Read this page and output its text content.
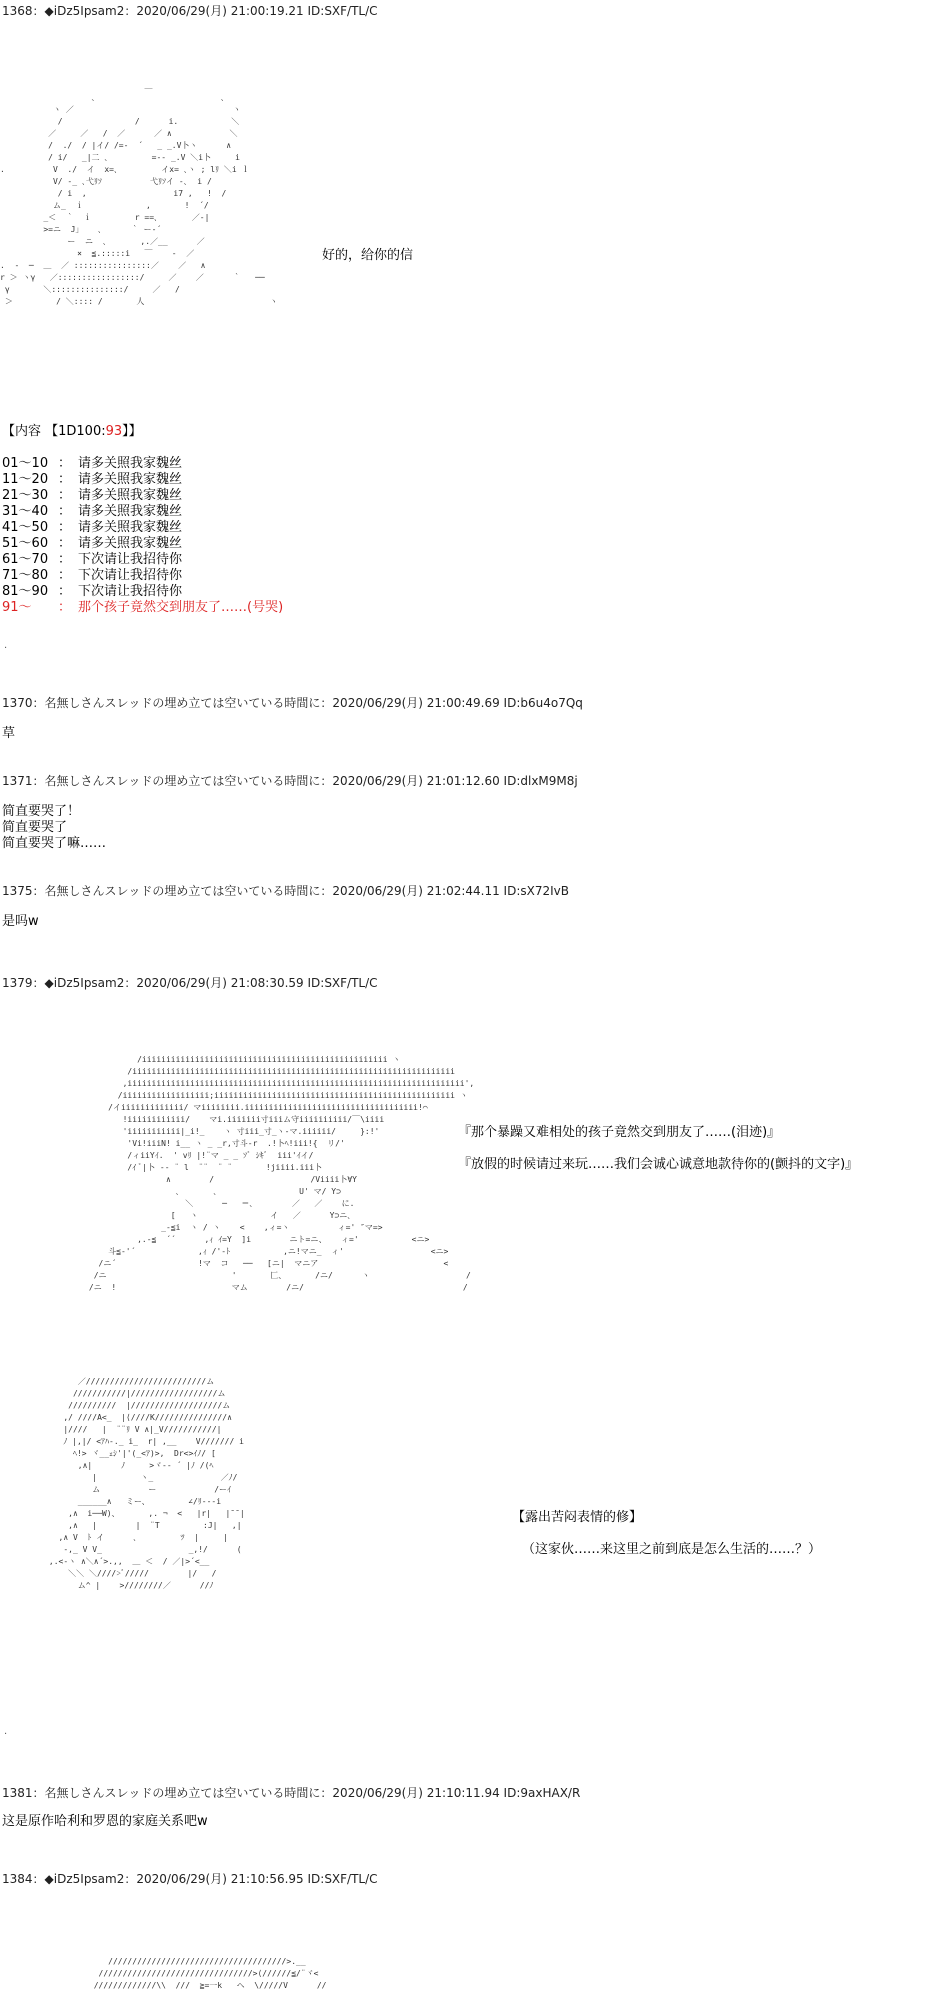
1368：◆iDz5Ipsam2：2020/06/29(月) 21:00:19.21 ID:SXF/TL/C
＿
､                          ､
ヽ ／                                 ヽ
/               /      i.           ＼
／     ／   /  ／      ／ ∧            ＼
/  ./  / |イ/ /=-  ´   _ _.V卜ヽ      ∧
/ i/   _|二 ､         =-‐ _.V ＼i卜     i
.          V  ./  イ  x=､         イx= ､ヽ ; lﾘ ＼i ｌ
V/ -_ ､弋ﾘｿ          弋ﾘｿイ -､  i /
/ i  ,                  i7 ,   !  /
ム_  ｉ             ,       !  ´/
_＜  ｀  ｉ         r ==､       ／-|
>=ニ  J」   ､      ｀ ー‐´
ー  ニ  ､       ,.／__      ／
×  ≦.:::::i   ￣    ‐  ／
.  ‐  ─  ＿  ／ ::::::::::::::::／    ／   ∧
r ＞ ヽγ   ／:::::::::::::::::/     ／    ／      ｀   ──
γ       ＼:::::::::::::::/     ／   /
＞         / ＼:::: /       人                          ヽ
好的，给你的信
【内容 【1D100:93】】
01～10 ： 请多关照我家魏丝
11～20 ： 请多关照我家魏丝
21～30 ： 请多关照我家魏丝
31～40 ： 请多关照我家魏丝
41～50 ： 请多关照我家魏丝
51～60 ： 请多关照我家魏丝
61～70 ： 下次请让我招待你
71～80 ： 下次请让我招待你
81～90 ： 下次请让我招待你
91～ ： 那个孩子竟然交到朋友了……(号哭)
.
1370：名無しさんスレッドの埋め立ては空いている時間に：2020/06/29(月) 21:00:49.69 ID:b6u4o7Qq
草
1371：名無しさんスレッドの埋め立ては空いている時間に：2020/06/29(月) 21:01:12.60 ID:dlxM9M8j
简直要哭了！
简直要哭了
简直要哭了嘛……
1375：名無しさんスレッドの埋め立ては空いている時間に：2020/06/29(月) 21:02:44.11 ID:sX72IvB
是吗w
1379：◆iDz5Ipsam2：2020/06/29(月) 21:08:30.59 ID:SXF/TL/C
/iiiiiiiiiiiiiiiiiiiiiiiiiiiiiiiiiiiiiiiiiiiiiiiiiii ヽ
/iiiiiiiiiiiiiiiiiiiiiiiiiiiiiiiiiiiiiiiiiiiiiiiiiiiiiiiiiiiiiiiiiii
,iiiiiiiiiiiiiiiiiiiiiiiiiiiiiiiiiiiiiiiiiiiiiiiiiiiiiiiiiiiiiiiiiiiiii',
/iiiiiiiiiiiiiiiiii;iiiiiiiiiiiiiiiiiiiiiiiiiiiiiiiiiiiiiiiiiiiiiiiiii ヽ
/イiiiiiiiiiiiii/ マiiiiiiii.iiiiiiiiiiiiiiiiiiiiiiiiiiiiiiiiiiii!⌒
!iiiiiiiiiiii/    マi.iiiiiii寸iiiム守iiiiiiiiii/￣\iiii
'iiiiiiiiiii|_i!_    ヽ 寸iii_寸_ヽ-マ.iiiiii/     }:!'
'Vi!iiiN! i__ ヽ _ _r,寸斗-r  .!卜ﾍ!iii!{  リ/'
/ィiiYｲ.  ' vﾘ |!¨マ _ _ ｿﾞ ｼｷﾞ  iii'ｲイ/
/ｲ ﾞ|卜 ‐‐ ¨ l  ¨¨  ¨ ¨       !jiiii.iii卜
∧        /                    /Viiii卜∀Y
､       ､                 U' マ/ Y⊃
＼      ─   ＝､        ／   ／    に.
[   ヽ               イ   ／      Y⊃ニ､
_-≦i  ヽ / ヽ    <    ,ィ=ヽ          ィ=' ″マ=>
,.-≦  ´´      ,ｨ ｲ=Y  ]i        ニト=ニ、   ィ='           <ニ>
斗≦-'´             ,ｨ /'-ﾄ           ,ニ!マニ_  ィ'                  <ニ>
/ニ´                 !マ  コ   ──   [ニ|  マニア                          <
/ニ                          '       匚、      /ニ/      ヽ                    /
/ニ  !                        マム        /ニ/                                 /
『那个暴躁又难相处的孩子竟然交到朋友了……(泪迹)』
『放假的时候请过来玩……我们会诚心诚意地款待你的(颤抖的文字)』
／/////////////////////////ム
///////////|//////////////////ム
//////////  |///////////////////ム
,/ ////A<_  |⟨////K///////////////∧
|////   |  ¨¨ﾘ V ∧|_V///////////|
ﾉ |,|/ <ｱﾊ-._ i_  r| ,__    V/////// i
ﾍ!> ヾ__ｪｼ'|'(_<ｱ)>,  Dr<>ｲﾉ/ [
,∧|      ﾉ     >ヾ-- ´ |ﾉ /(ﾍ
|         ヽ_              ／ﾉ/
ム          ー            /ーｲ
______∧   ミー、        ∠/ﾘ-‐-i
,∧  i──W)、      ,. ¬  <   |r|   |¯¯|
,∧   |        |  ¨T         :J|   ,|
,∧ V  ﾄ イ      ､         ﾂ  |     |
-,_ V V_                  _,!/      (
,.<‐ヽ ∧＼∧´>.,,  ＿ ＜  / ／|>´<__
＼＼ ＼////>ﾞ/////        |/   /
ム^ |    >////////／      //ﾉ
【露出苦闷表情的修】
（这家伙……来这里之前到底是怎么生活的……？）
.
1381：名無しさんスレッドの埋め立ては空いている時間に：2020/06/29(月) 21:10:11.94 ID:9axHAX/R
这是原作哈利和罗恩的家庭关系吧w
1384：◆iDz5Ipsam2：2020/06/29(月) 21:10:56.95 ID:SXF/TL/C
/////////////////////////////////////>.__
////////////////////////////////>⟨//////≦/¨ヾ<
/////////////\\  ///  ≧=一k   ヘ  \/////V      //
